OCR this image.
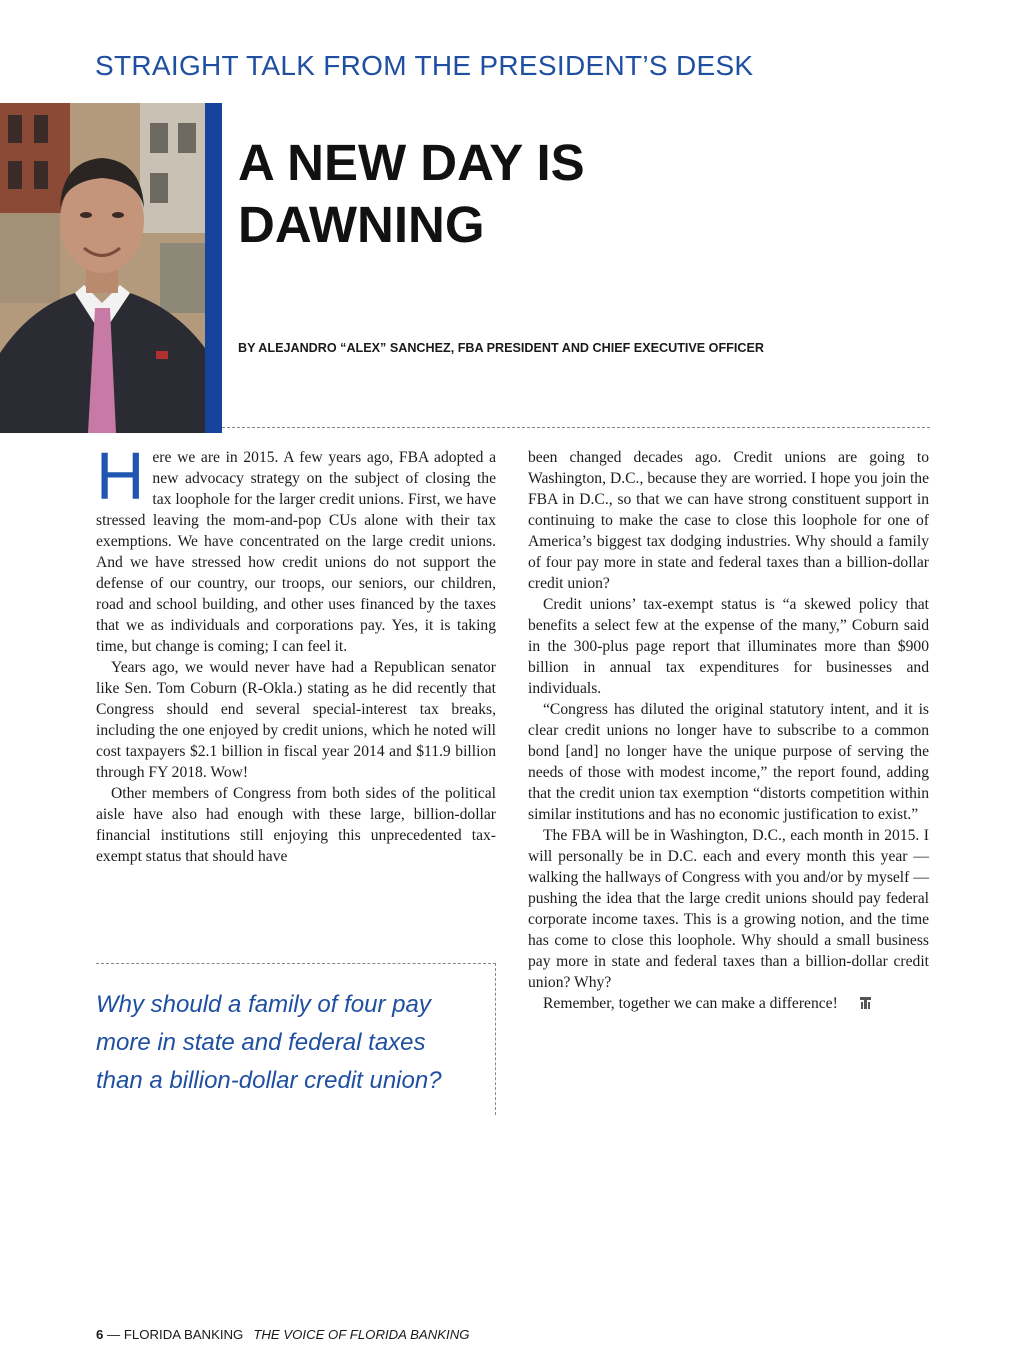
STRAIGHT TALK FROM THE PRESIDENT’S DESK
A NEW DAY IS DAWNING
BY ALEJANDRO “ALEX” SANCHEZ, FBA PRESIDENT AND CHIEF EXECUTIVE OFFICER

Here we are in 2015. A few years ago, FBA adopted a new advocacy strategy on the subject of closing the tax loophole for the larger credit unions. First, we have stressed leaving the mom-and-pop CUs alone with their tax exemptions. We have concentrated on the large credit unions. And we have stressed how credit unions do not support the defense of our country, our troops, our seniors, our children, road and school building, and other uses financed by the taxes that we as individuals and corporations pay. Yes, it is taking time, but change is coming; I can feel it.

Years ago, we would never have had a Republican senator like Sen. Tom Coburn (R-Okla.) stating as he did recently that Congress should end several special-interest tax breaks, including the one enjoyed by credit unions, which he noted will cost taxpayers $2.1 billion in fiscal year 2014 and $11.9 billion through FY 2018. Wow!

Other members of Congress from both sides of the political aisle have also had enough with these large, billion-dollar financial institutions still enjoying this unprecedented tax-exempt status that should have

Why should a family of four pay more in state and federal taxes than a billion-dollar credit union?

been changed decades ago. Credit unions are going to Washington, D.C., because they are worried. I hope you join the FBA in D.C., so that we can have strong constituent support in continuing to make the case to close this loophole for one of America’s biggest tax dodging industries. Why should a family of four pay more in state and federal taxes than a billion-dollar credit union?

Credit unions’ tax-exempt status is “a skewed policy that benefits a select few at the expense of the many,” Coburn said in the 300-plus page report that illuminates more than $900 billion in annual tax expenditures for businesses and individuals.

“Congress has diluted the original statutory intent, and it is clear credit unions no longer have to subscribe to a common bond [and] no longer have the unique purpose of serving the needs of those with modest income,” the report found, adding that the credit union tax exemption “distorts competition within similar institutions and has no economic justification to exist.”

The FBA will be in Washington, D.C., each month in 2015. I will personally be in D.C. each and every month this year — walking the hallways of Congress with you and/or by myself — pushing the idea that the large credit unions should pay federal corporate income taxes. This is a growing notion, and the time has come to close this loophole. Why should a small business pay more in state and federal taxes than a billion-dollar credit union? Why?

Remember, together we can make a difference!

6 — FLORIDA BANKING THE VOICE OF FLORIDA BANKING
